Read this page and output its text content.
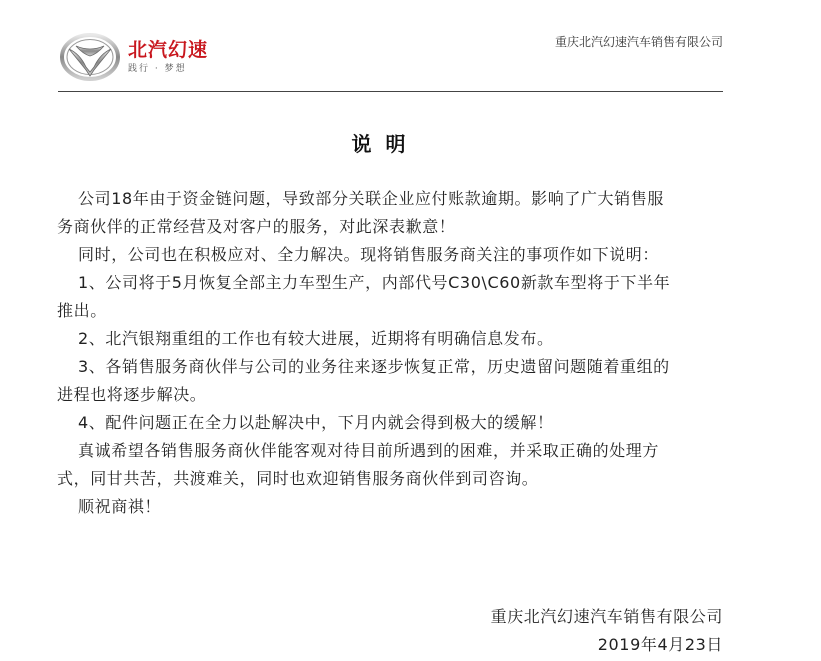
北汽幻速
践行 · 梦想
重庆北汽幻速汽车销售有限公司
说明

公司18年由于资金链问题，导致部分关联企业应付账款逾期。影响了广大销售服

务商伙伴的正常经营及对客户的服务，对此深表歉意！

同时，公司也在积极应对、全力解决。现将销售服务商关注的事项作如下说明：

1、公司将于5月恢复全部主力车型生产，内部代号C30\C60新款车型将于下半年

推出。

2、北汽银翔重组的工作也有较大进展，近期将有明确信息发布。

3、各销售服务商伙伴与公司的业务往来逐步恢复正常，历史遗留问题随着重组的

进程也将逐步解决。

4、配件问题正在全力以赴解决中，下月内就会得到极大的缓解！

真诚希望各销售服务商伙伴能客观对待目前所遇到的困难，并采取正确的处理方

式，同甘共苦，共渡难关，同时也欢迎销售服务商伙伴到司咨询。

顺祝商祺！

重庆北汽幻速汽车销售有限公司
2019年4月23日
